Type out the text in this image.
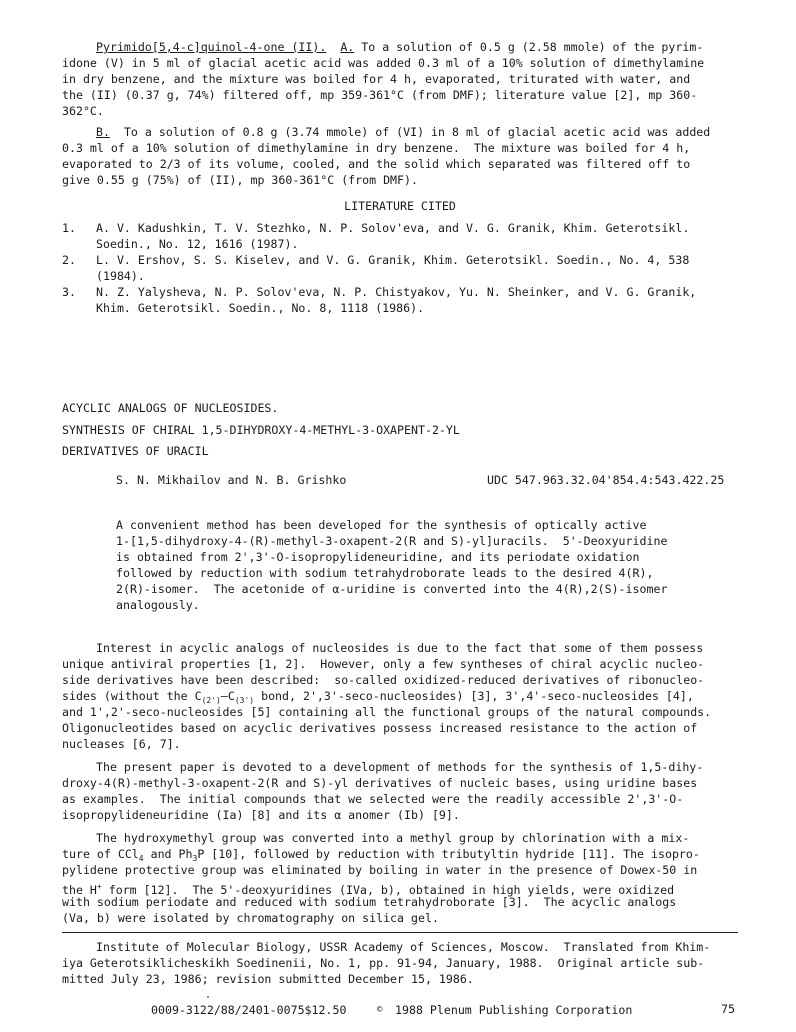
Pyrimido[5,4-c]quinol-4-one (II). A. To a solution of 0.5 g (2.58 mmole) of the pyrim-
idone (V) in 5 ml of glacial acetic acid was added 0.3 ml of a 10% solution of dimethylamine
in dry benzene, and the mixture was boiled for 4 h, evaporated, triturated with water, and
the (II) (0.37 g, 74%) filtered off, mp 359-361°C (from DMF); literature value [2], mp 360-
362°C.
B. To a solution of 0.8 g (3.74 mmole) of (VI) in 8 ml of glacial acetic acid was added
0.3 ml of a 10% solution of dimethylamine in dry benzene.  The mixture was boiled for 4 h,
evaporated to 2/3 of its volume, cooled, and the solid which separated was filtered off to
give 0.55 g (75%) of (II), mp 360-361°C (from DMF).
LITERATURE CITED
1. A. V. Kadushkin, T. V. Stezhko, N. P. Solov'eva, and V. G. Granik, Khim. Geterotsikl.
Soedin., No. 12, 1616 (1987).
2. L. V. Ershov, S. S. Kiselev, and V. G. Granik, Khim. Geterotsikl. Soedin., No. 4, 538
(1984).
3. N. Z. Yalysheva, N. P. Solov'eva, N. P. Chistyakov, Yu. N. Sheinker, and V. G. Granik,
Khim. Geterotsikl. Soedin., No. 8, 1118 (1986).
ACYCLIC ANALOGS OF NUCLEOSIDES.
SYNTHESIS OF CHIRAL 1,5-DIHYDROXY-4-METHYL-3-OXAPENT-2-YL
DERIVATIVES OF URACIL
S. N. Mikhailov and N. B. Grishko	UDC 547.963.32.04'854.4:543.422.25
A convenient method has been developed for the synthesis of optically active
1-[1,5-dihydroxy-4-(R)-methyl-3-oxapent-2(R and S)-yl]uracils.  5'-Deoxyuridine
is obtained from 2',3'-O-isopropylideneuridine, and its periodate oxidation
followed by reduction with sodium tetrahydroborate leads to the desired 4(R),
2(R)-isomer.  The acetonide of α-uridine is converted into the 4(R),2(S)-isomer
analogously.
Interest in acyclic analogs of nucleosides is due to the fact that some of them possess
unique antiviral properties [1, 2].  However, only a few syntheses of chiral acyclic nucleo-
side derivatives have been described:  so-called oxidized-reduced derivatives of ribonucleo-
sides (without the $C_{(2')}—C_{(3')}$ bond, 2',3'-seco-nucleosides) [3], 3',4'-seco-nucleosides [4],
and 1',2'-seco-nucleosides [5] containing all the functional groups of the natural compounds.
Oligonucleotides based on acyclic derivatives possess increased resistance to the action of
nucleases [6, 7].
The present paper is devoted to a development of methods for the synthesis of 1,5-dihy-
droxy-4(R)-methyl-3-oxapent-2(R and S)-yl derivatives of nucleic bases, using uridine bases
as examples.  The initial compounds that we selected were the readily accessible 2',3'-O-
isopropylideneuridine (Ia) [8] and its α anomer (Ib) [9].
The hydroxymethyl group was converted into a methyl group by chlorination with a mix-
ture of CCl$_4$ and $Ph_3P$ [10], followed by reduction with tributyltin hydride [11]. The isopro-
pylidene protective group was eliminated by boiling in water in the presence of Dowex-50 in
the H+ form [12].  The 5'-deoxyuridines (IVa, b), obtained in high yields, were oxidized
with sodium periodate and reduced with sodium tetrahydroborate [3].  The acyclic analogs
(Va, b) were isolated by chromatography on silica gel.
Institute of Molecular Biology, USSR Academy of Sciences, Moscow.  Translated from Khim-
iya Geterotsiklicheskikh Soedinenii, No. 1, pp. 91-94, January, 1988.  Original article sub-
mitted July 23, 1986; revision submitted December 15, 1986.
0009-3122/88/2401-0075$12.50	© 1988 Plenum Publishing Corporation	75
